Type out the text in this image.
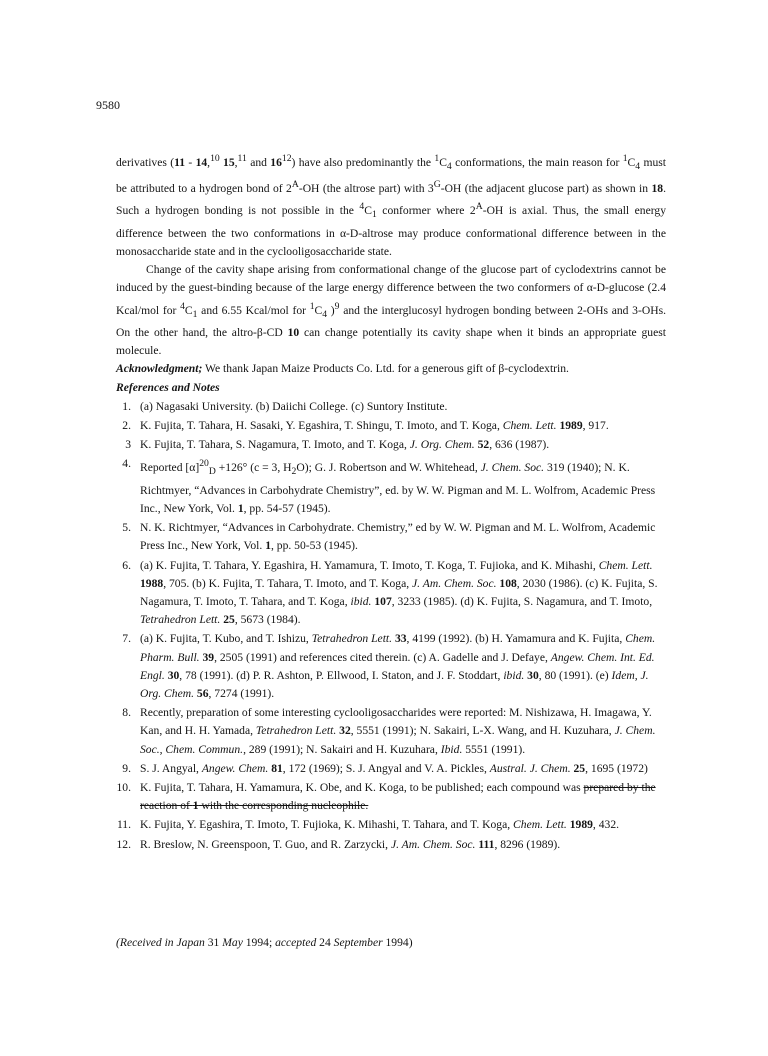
9580

derivatives (11 - 14,10 15,11 and $16^{12}$) have also predominantly the $^1C_4$ conformations, the main reason for $^1C_4$ must be attributed to a hydrogen bond of $2^A-OH$ (the altrose part) with $3^G-OH$ (the adjacent glucose part) as shown in 18. Such a hydrogen bonding is not possible in the $^4C_1$ conformer where $2^A-OH$ is axial. Thus, the small energy difference between the two conformations in α-D-altrose may produce conformational difference between in the monosaccharide state and in the cyclooligosaccharide state.

Change of the cavity shape arising from conformational change of the glucose part of cyclodextrins cannot be induced by the guest-binding because of the large energy difference between the two conformers of α-D-glucose (2.4 Kcal/mol for $^4C_1$ and 6.55 Kcal/mol for $^1C_4$ )$^9$ and the interglucosyl hydrogen bonding between 2-OHs and 3-OHs. On the other hand, the altro-β-CD 10 can change potentially its cavity shape when it binds an appropriate guest molecule.

Acknowledgment; We thank Japan Maize Products Co. Ltd. for a generous gift of β-cyclodextrin.

References and Notes

1. (a) Nagasaki University. (b) Daiichi College. (c) Suntory Institute.
2. K. Fujita, T. Tahara, H. Sasaki, Y. Egashira, T. Shingu, T. Imoto, and T. Koga, Chem. Lett. 1989, 917.
3 K. Fujita, T. Tahara, S. Nagamura, T. Imoto, and T. Koga, J. Org. Chem. 52, 636 (1987).
4. Reported $[\alpha]^{20}_D +126^\circ$ (c = 3, $H_2O$); G. J. Robertson and W. Whitehead, J. Chem. Soc. 319 (1940); N. K. Richtmyer, “Advances in Carbohydrate Chemistry”, ed. by W. W. Pigman and M. L. Wolfrom, Academic Press Inc., New York, Vol. 1, pp. 54-57 (1945).
5. N. K. Richtmyer, “Advances in Carbohydrate. Chemistry,” ed by W. W. Pigman and M. L. Wolfrom, Academic Press Inc., New York, Vol. 1, pp. 50-53 (1945).
6. (a) K. Fujita, T. Tahara, Y. Egashira, H. Yamamura, T. Imoto, T. Koga, T. Fujioka, and K. Mihashi, Chem. Lett. 1988, 705. (b) K. Fujita, T. Tahara, T. Imoto, and T. Koga, J. Am. Chem. Soc. 108, 2030 (1986). (c) K. Fujita, S. Nagamura, T. Imoto, T. Tahara, and T. Koga, ibid. 107, 3233 (1985). (d) K. Fujita, S. Nagamura, and T. Imoto, Tetrahedron Lett. 25, 5673 (1984).
7. (a) K. Fujita, T. Kubo, and T. Ishizu, Tetrahedron Lett. 33, 4199 (1992). (b) H. Yamamura and K. Fujita, Chem. Pharm. Bull. 39, 2505 (1991) and references cited therein. (c) A. Gadelle and J. Defaye, Angew. Chem. Int. Ed. Engl. 30, 78 (1991). (d) P. R. Ashton, P. Ellwood, I. Staton, and J. F. Stoddart, ibid. 30, 80 (1991). (e) Idem, J. Org. Chem. 56, 7274 (1991).
8. Recently, preparation of some interesting cyclooligosaccharides were reported: M. Nishizawa, H. Imagawa, Y. Kan, and H. H. Yamada, Tetrahedron Lett. 32, 5551 (1991); N. Sakairi, L-X. Wang, and H. Kuzuhara, J. Chem. Soc., Chem. Commun., 289 (1991); N. Sakairi and H. Kuzuhara, Ibid. 5551 (1991).
9. S. J. Angyal, Angew. Chem. 81, 172 (1969); S. J. Angyal and V. A. Pickles, Austral. J. Chem. 25, 1695 (1972)
10. K. Fujita, T. Tahara, H. Yamamura, K. Obe, and K. Koga, to be published; each compound was prepared by the reaction of 1 with the corresponding nucleophile.
11. K. Fujita, Y. Egashira, T. Imoto, T. Fujioka, K. Mihashi, T. Tahara, and T. Koga, Chem. Lett. 1989, 432.
12. R. Breslow, N. Greenspoon, T. Guo, and R. Zarzycki, J. Am. Chem. Soc. 111, 8296 (1989).
(Received in Japan 31 May 1994; accepted 24 September 1994)
